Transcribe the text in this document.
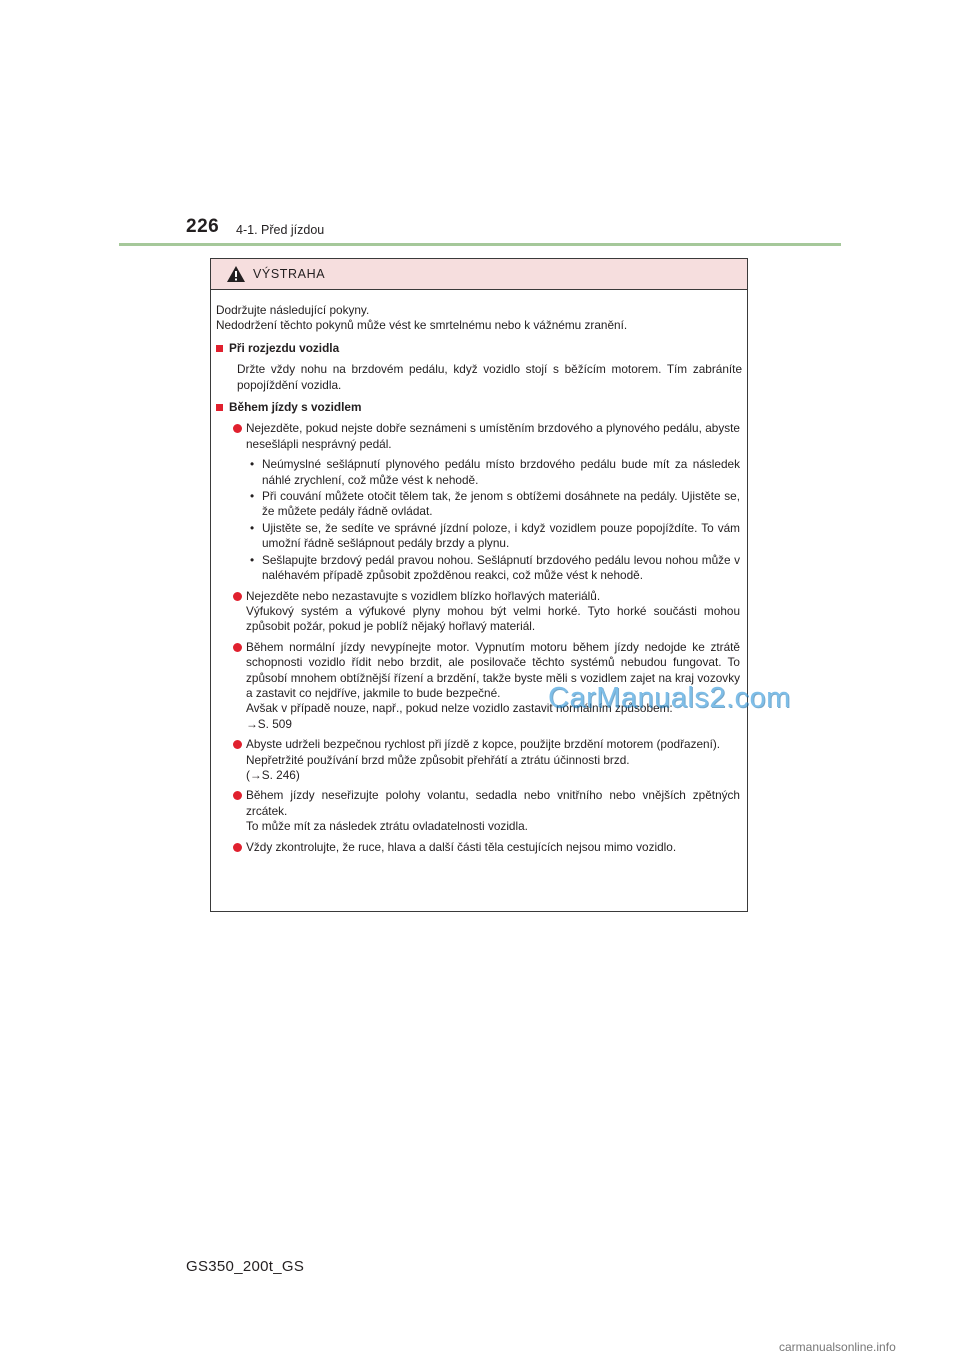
226 4-1. Před jízdou
VÝSTRAHA
Dodržujte následující pokyny.
Nedodržení těchto pokynů může vést ke smrtelnému nebo k vážnému zranění.
Při rozjezdu vozidla
Držte vždy nohu na brzdovém pedálu, když vozidlo stojí s běžícím motorem. Tím zabráníte popojíždění vozidla.
Během jízdy s vozidlem
Nejezděte, pokud nejste dobře seznámeni s umístěním brzdového a plynového pedálu, abyste nesešlápli nesprávný pedál.
• Neúmyslné sešlápnutí plynového pedálu místo brzdového pedálu bude mít za následek náhlé zrychlení, což může vést k nehodě.
• Při couvání můžete otočit tělem tak, že jenom s obtížemi dosáhnete na pedály. Ujistěte se, že můžete pedály řádně ovládat.
• Ujistěte se, že sedíte ve správné jízdní poloze, i když vozidlem pouze popojíždíte. To vám umožní řádně sešlápnout pedály brzdy a plynu.
• Sešlapujte brzdový pedál pravou nohou. Sešlápnutí brzdového pedálu levou nohou může v naléhavém případě způsobit zpožděnou reakci, což může vést k nehodě.
Nejezděte nebo nezastavujte s vozidlem blízko hořlavých materiálů.
Výfukový systém a výfukové plyny mohou být velmi horké. Tyto horké součásti mohou způsobit požár, pokud je poblíž nějaký hořlavý materiál.
Během normální jízdy nevypínejte motor. Vypnutím motoru během jízdy nedojde ke ztrátě schopnosti vozidlo řídit nebo brzdit, ale posilovače těchto systémů nebudou fungovat. To způsobí mnohem obtížnější řízení a brzdění, takže byste měli s vozidlem zajet na kraj vozovky a zastavit co nejdříve, jakmile to bude bezpečné.
Avšak v případě nouze, např., pokud nelze vozidlo zastavit normálním způsobem:
→S. 509
Abyste udrželi bezpečnou rychlost při jízdě z kopce, použijte brzdění motorem (podřazení).
Nepřetržité používání brzd může způsobit přehřátí a ztrátu účinnosti brzd.
(→S. 246)
Během jízdy neseřizujte polohy volantu, sedadla nebo vnitřního nebo vnějších zpětných zrcátek.
To může mít za následek ztrátu ovladatelnosti vozidla.
Vždy zkontrolujte, že ruce, hlava a další části těla cestujících nejsou mimo vozidlo.
CarManuals2.com
GS350_200t_GS
carmanualsonline.info
